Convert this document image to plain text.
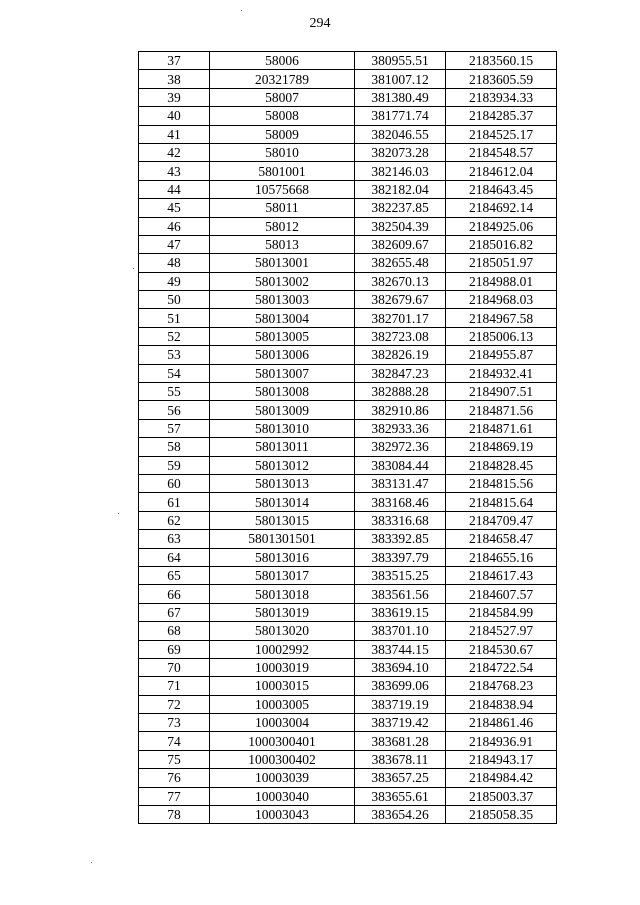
294
37	58006	380955.51	2183560.15
38	20321789	381007.12	2183605.59
39	58007	381380.49	2183934.33
40	58008	381771.74	2184285.37
41	58009	382046.55	2184525.17
42	58010	382073.28	2184548.57
43	5801001	382146.03	2184612.04
44	10575668	382182.04	2184643.45
45	58011	382237.85	2184692.14
46	58012	382504.39	2184925.06
47	58013	382609.67	2185016.82
48	58013001	382655.48	2185051.97
49	58013002	382670.13	2184988.01
50	58013003	382679.67	2184968.03
51	58013004	382701.17	2184967.58
52	58013005	382723.08	2185006.13
53	58013006	382826.19	2184955.87
54	58013007	382847.23	2184932.41
55	58013008	382888.28	2184907.51
56	58013009	382910.86	2184871.56
57	58013010	382933.36	2184871.61
58	58013011	382972.36	2184869.19
59	58013012	383084.44	2184828.45
60	58013013	383131.47	2184815.56
61	58013014	383168.46	2184815.64
62	58013015	383316.68	2184709.47
63	5801301501	383392.85	2184658.47
64	58013016	383397.79	2184655.16
65	58013017	383515.25	2184617.43
66	58013018	383561.56	2184607.57
67	58013019	383619.15	2184584.99
68	58013020	383701.10	2184527.97
69	10002992	383744.15	2184530.67
70	10003019	383694.10	2184722.54
71	10003015	383699.06	2184768.23
72	10003005	383719.19	2184838.94
73	10003004	383719.42	2184861.46
74	1000300401	383681.28	2184936.91
75	1000300402	383678.11	2184943.17
76	10003039	383657.25	2184984.42
77	10003040	383655.61	2185003.37
78	10003043	383654.26	2185058.35
